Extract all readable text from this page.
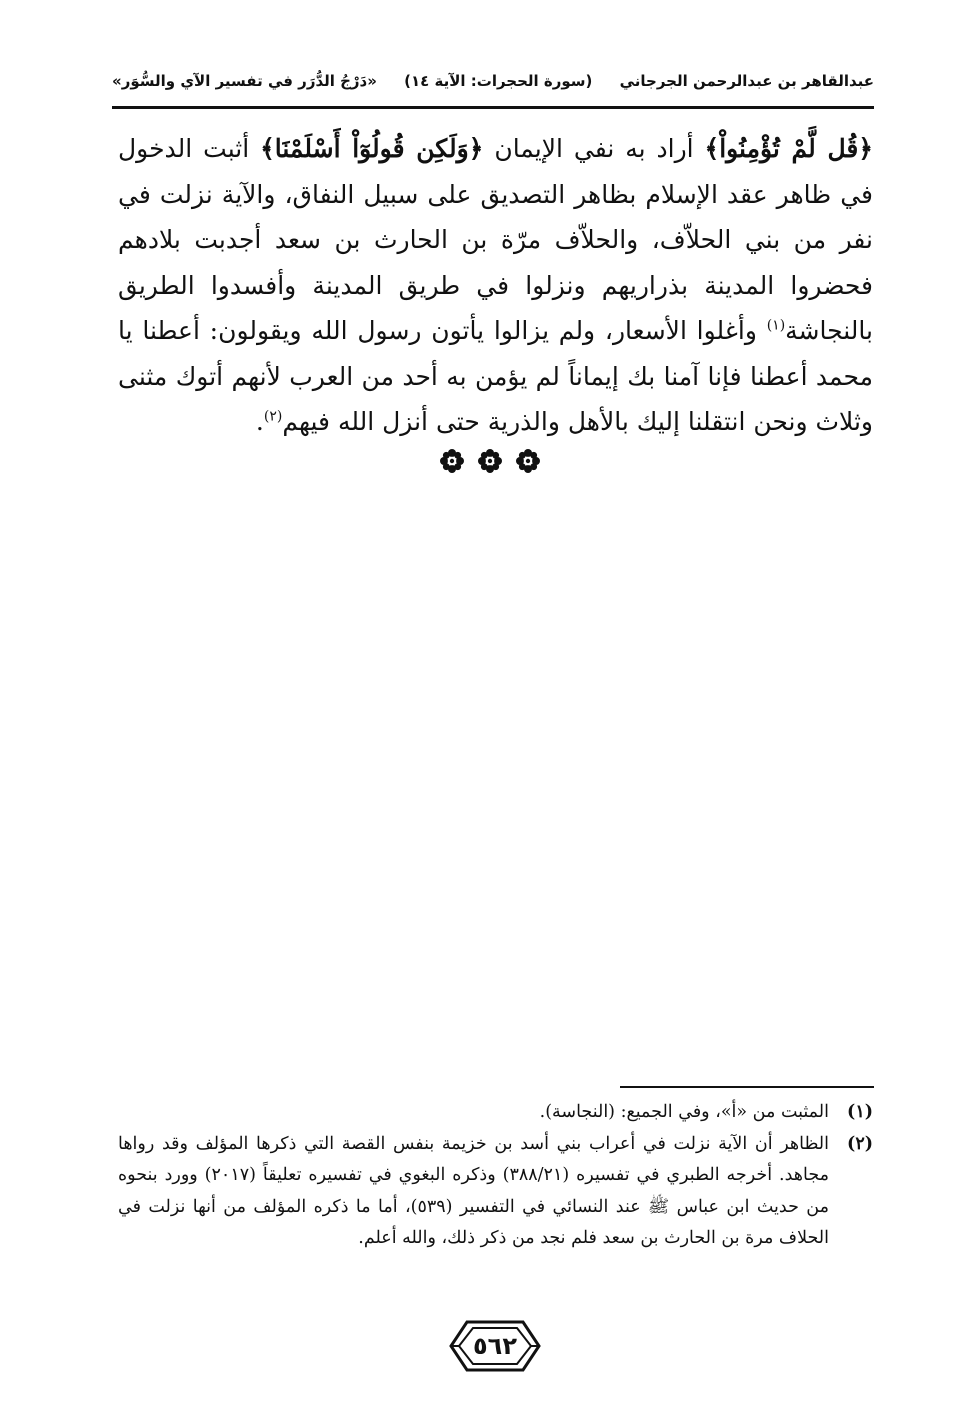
عبدالقاهر بن عبدالرحمن الجرجاني
(سورة الحجرات: الآية ١٤)
«دَرْجُ الدُّرَر في تفسير الآي والسُّوَر»

﴿قُل لَّمْ تُؤْمِنُواْ﴾ أراد به نفي الإيمان ﴿وَلَكِن قُولُوٓاْ أَسْلَمْنَا﴾ أثبت الدخول في ظاهر عقد الإسلام بظاهر التصديق على سبيل النفاق، والآية نزلت في نفر من بني الحلاّف، والحلاّف مرّة بن الحارث بن سعد أجدبت بلادهم فحضروا المدينة بذراريهم ونزلوا في طريق المدينة وأفسدوا الطريق بالنجاشة$^{(١)}$ وأغلوا الأسعار، ولم يزالوا يأتون رسول الله ويقولون: أعطنا يا محمد أعطنا فإنا آمنا بك إيماناً لم يؤمن به أحد من العرب لأنهم أتوك مثنى وثلاث ونحن انتقلنا إليك بالأهل والذرية حتى أنزل الله فيهم$^{(٢)}$.

(١)
المثبت من «أ»، وفي الجميع: (النجاسة).

(٢)
الظاهر أن الآية نزلت في أعراب بني أسد بن خزيمة بنفس القصة التي ذكرها المؤلف وقد رواها مجاهد. أخرجه الطبري في تفسيره (٣٨٨/٢١) وذكره البغوي في تفسيره تعليقاً (٢٠١٧) وورد بنحوه من حديث ابن عباس ﷺ عند النسائي في التفسير (٥٣٩)، أما ما ذكره المؤلف من أنها نزلت في الحلاف مرة بن الحارث بن سعد فلم نجد من ذكر ذلك، والله أعلم.

٥٦٢
